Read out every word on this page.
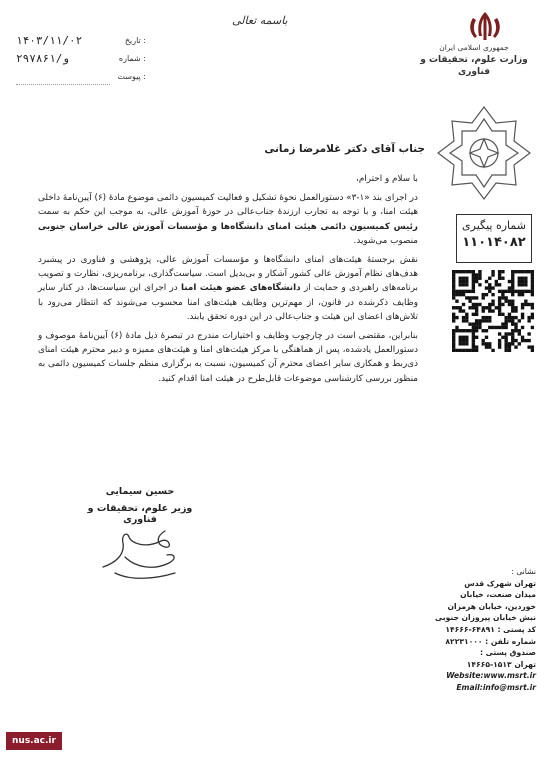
جمهوری اسلامی ایران
وزارت علوم، تحقیقات و فناوری
باسمه تعالی
۱۴۰۳/۱۱/۰۲	تاریخ :
۲۹۷۸۶۱/و	شماره :
پیوست :
شماره پیگیری
۱۱۰۱۴۰۸۲
جناب آقای دکتر غلامرضا زمانی

با سلام و احترام،

در اجرای بند «۱-۳» دستورالعمل نحوهٔ تشکیل و فعالیت کمیسیون دائمی موضوع مادهٔ (۶) آیین‌نامهٔ داخلی هیئت امنا، و با توجه به تجارب ارزندهٔ جناب‌عالی در حوزهٔ آموزش عالی، به موجب این حکم به سمت رئیس کمیسیون دائمی هیئت امنای دانشگاه‌ها و مؤسسات آموزش عالی خراسان جنوبی منصوب می‌شوید.

نقش برجستهٔ هیئت‌های امنای دانشگاه‌ها و مؤسسات آموزش عالی، پژوهشی و فناوری در پیشبرد هدف‌های نظام آموزش عالی کشور آشکار و بی‌بدیل است. سیاست‌گذاری، برنامه‌ریزی، نظارت و تصویب برنامه‌های راهبردی و حمایت از دانشگاه‌های عضو هیئت امنا در اجرای این سیاست‌ها، در کنار سایر وظایف ذکرشده در قانون، از مهم‌ترین وظایف هیئت‌های امنا محسوب می‌شوند که انتظار می‌رود با تلاش‌های اعضای این هیئت و جناب‌عالی در این دوره تحقق یابند.

بنابراین، مقتضی است در چارچوب وظایف و اختیارات مندرج در تبصرهٔ ذیل مادهٔ (۶) آیین‌نامهٔ موصوف و دستورالعمل یادشده، پس از هماهنگی با مرکز هیئت‌های امنا و هیئت‌های ممیزه و دبیر محترم هیئت امنای ذی‌ربط و همکاری سایر اعضای محترم آن کمیسیون، نسبت به برگزاری منظم جلسات کمیسیون دائمی به منظور بررسی کارشناسی موضوعات قابل‌طرح در هیئت امنا اقدام کنید.

حسین سیمایی
وزیر علوم، تحقیقات و فناوری
نشانی :
تهران شهرک قدس
میدان صنعت، خیابان
خوردین، خیابان هرمزان
نبش خیابان پیروزان جنوبی
کد پستی : ۶۴۸۹۱-۱۴۶۶۶
شماره تلفن : ۸۲۲۳۱۰۰۰
صندوق پستی :
تهران ۱۵۱۳-۱۴۶۶۵
Website:www.msrt.ir
Email:info@msrt.ir
nus.ac.ir
